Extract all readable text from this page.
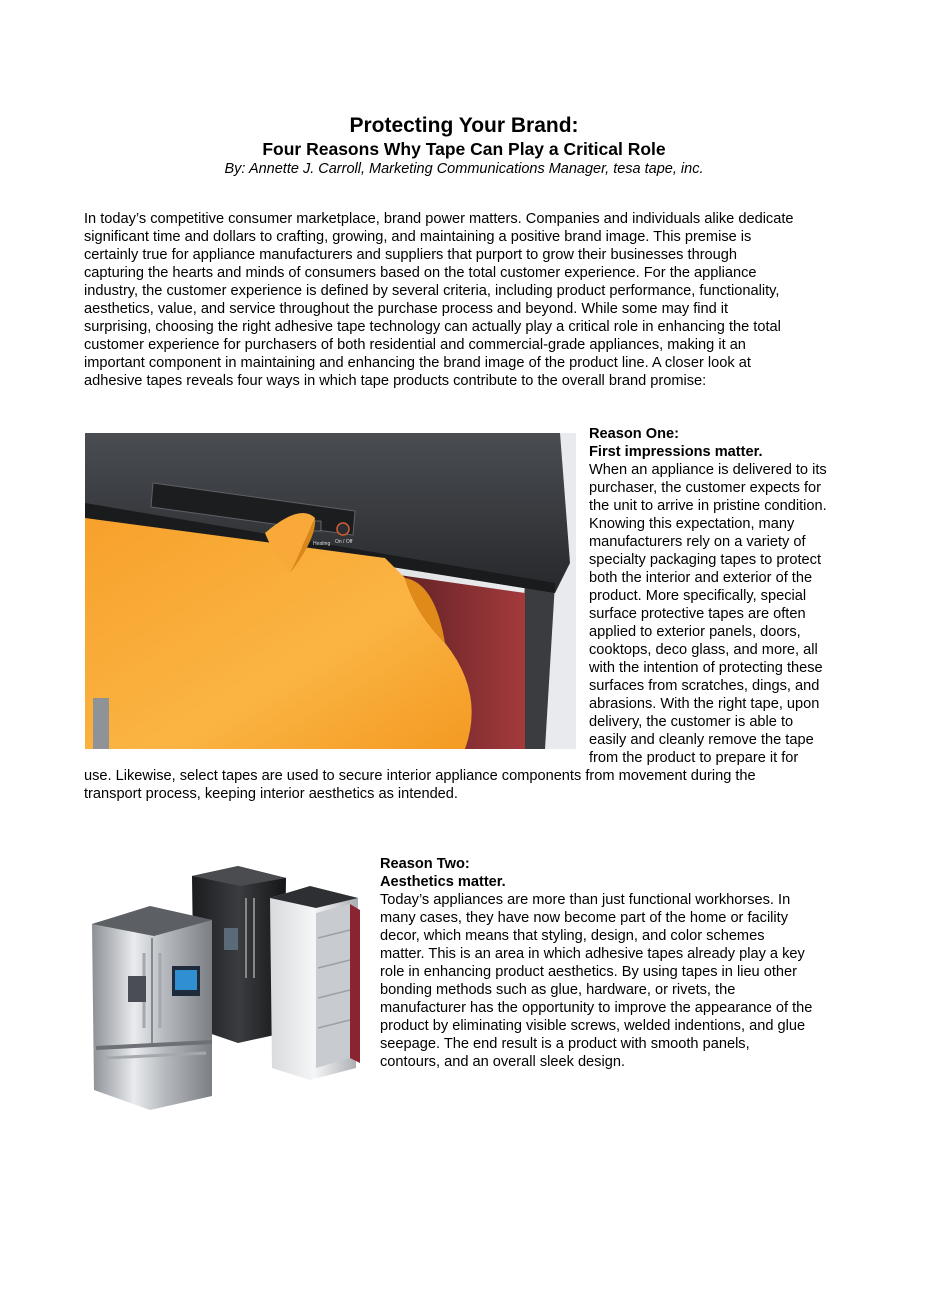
Protecting Your Brand:
Four Reasons Why Tape Can Play a Critical Role

By: Annette J. Carroll, Marketing Communications Manager, tesa tape, inc.

In today’s competitive consumer marketplace, brand power matters. Companies and individuals alike dedicate
significant time and dollars to crafting, growing, and maintaining a positive brand image. This premise is
certainly true for appliance manufacturers and suppliers that purport to grow their businesses through
capturing the hearts and minds of consumers based on the total customer experience. For the appliance
industry, the customer experience is defined by several criteria, including product performance, functionality,
aesthetics, value, and service throughout the purchase process and beyond. While some may find it
surprising, choosing the right adhesive tape technology can actually play a critical role in enhancing the total
customer experience for purchasers of both residential and commercial-grade appliances, making it an
important component in maintaining and enhancing the brand image of the product line. A closer look at
adhesive tapes reveals four ways in which tape products contribute to the overall brand promise:
Heating On / Off
Reason One:
First impressions matter.
When an appliance is delivered to its
purchaser, the customer expects for
the unit to arrive in pristine condition.
Knowing this expectation, many
manufacturers rely on a variety of
specialty packaging tapes to protect
both the interior and exterior of the
product. More specifically, special
surface protective tapes are often
applied to exterior panels, doors,
cooktops, deco glass, and more, all
with the intention of protecting these
surfaces from scratches, dings, and
abrasions. With the right tape, upon
delivery, the customer is able to
easily and cleanly remove the tape
from the product to prepare it for
use. Likewise, select tapes are used to secure interior appliance components from movement during the
transport process, keeping interior aesthetics as intended.
Reason Two:
Aesthetics matter.
Today’s appliances are more than just functional workhorses. In
many cases, they have now become part of the home or facility
decor, which means that styling, design, and color schemes
matter. This is an area in which adhesive tapes already play a key
role in enhancing product aesthetics. By using tapes in lieu other
bonding methods such as glue, hardware, or rivets, the
manufacturer has the opportunity to improve the appearance of the
product by eliminating visible screws, welded indentions, and glue
seepage. The end result is a product with smooth panels,
contours, and an overall sleek design.
